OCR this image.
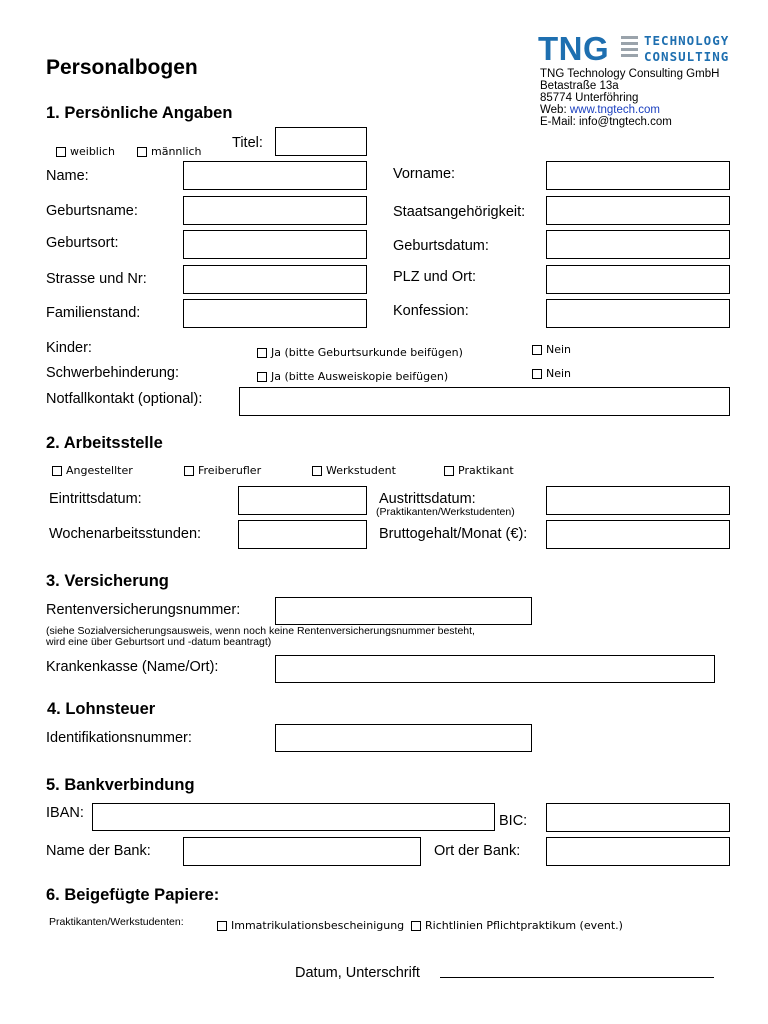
TNG	TECHNOLOGY
CONSULTING
TNG Technology Consulting GmbH
Betastraße 13a
85774 Unterföhring
Web: www.tngtech.com
E-Mail: info@tngtech.com
Personalbogen
1. Persönliche Angaben
weiblich	männlich
Titel:
Name:	Vorname:
Geburtsname:	Staatsangehörigkeit:
Geburtsort:	Geburtsdatum:
Strasse und Nr:	PLZ und Ort:
Familienstand:	Konfession:
Kinder:	Ja (bitte Geburtsurkunde beifügen)	Nein
Schwerbehinderung:	Ja (bitte Ausweiskopie beifügen)	Nein
Notfallkontakt (optional):
2. Arbeitsstelle
Angestellter	Freiberufler	Werkstudent	Praktikant
Eintrittsdatum:	Austrittsdatum:
(Praktikanten/Werkstudenten)
Wochenarbeitsstunden:	Bruttogehalt/Monat (€):
3. Versicherung
Rentenversicherungsnummer:
(siehe Sozialversicherungsausweis, wenn noch keine Rentenversicherungsnummer besteht,
wird eine über Geburtsort und -datum beantragt)
Krankenkasse (Name/Ort):
4. Lohnsteuer
Identifikationsnummer:
5. Bankverbindung
IBAN:	BIC:
Name der Bank:	Ort der Bank:
6. Beigefügte Papiere:
Praktikanten/Werkstudenten:	Immatrikulationsbescheinigung Richtlinien Pflichtpraktikum (event.)
Datum, Unterschrift
